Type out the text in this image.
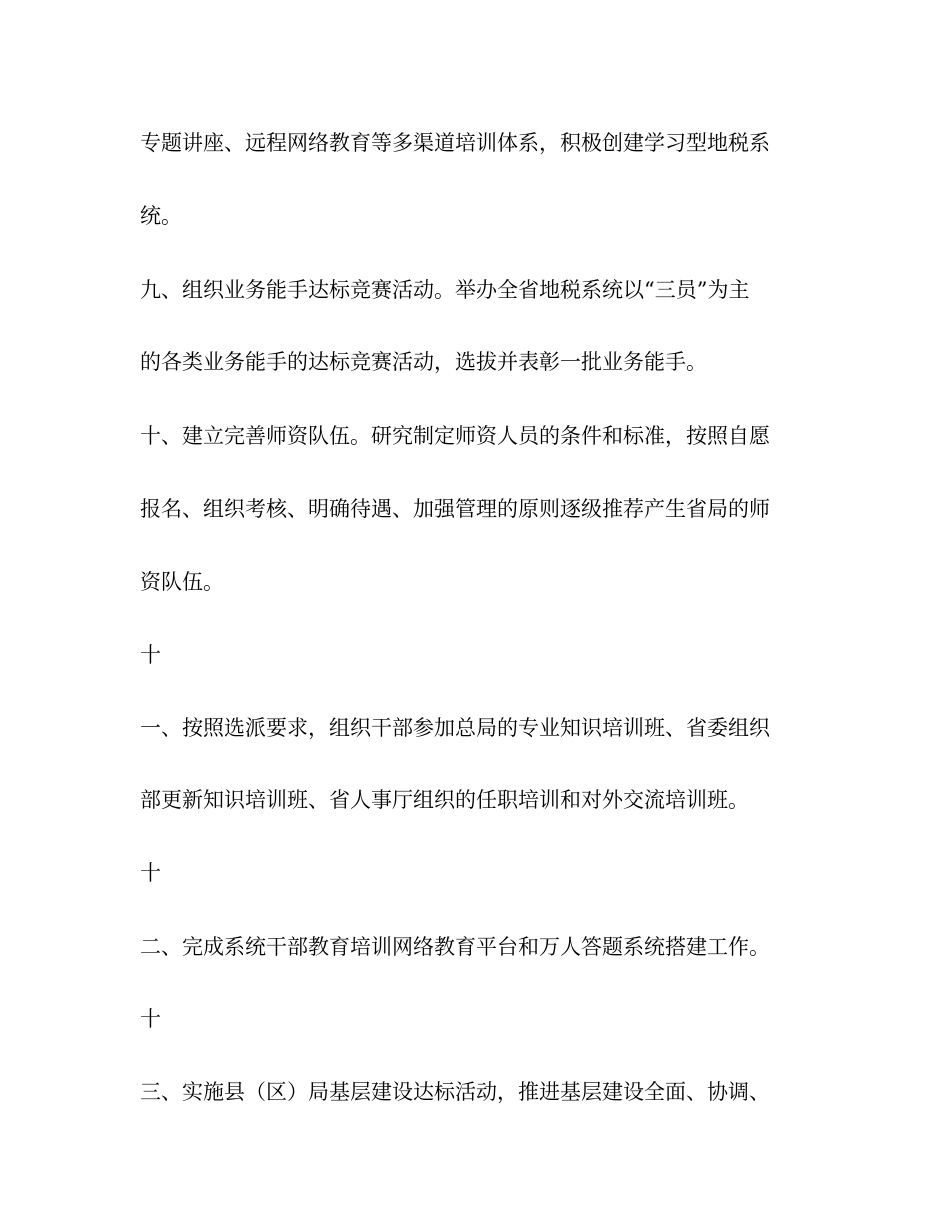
专题讲座、远程网络教育等多渠道培训体系，积极创建学习型地税系

统。

九、组织业务能手达标竞赛活动。举办全省地税系统以“三员”为主

的各类业务能手的达标竞赛活动，选拔并表彰一批业务能手。

十、建立完善师资队伍。研究制定师资人员的条件和标准，按照自愿

报名、组织考核、明确待遇、加强管理的原则逐级推荐产生省局的师

资队伍。

十

一、按照选派要求，组织干部参加总局的专业知识培训班、省委组织

部更新知识培训班、省人事厅组织的任职培训和对外交流培训班。

十

二、完成系统干部教育培训网络教育平台和万人答题系统搭建工作。

十

三、实施县（区）局基层建设达标活动，推进基层建设全面、协调、
